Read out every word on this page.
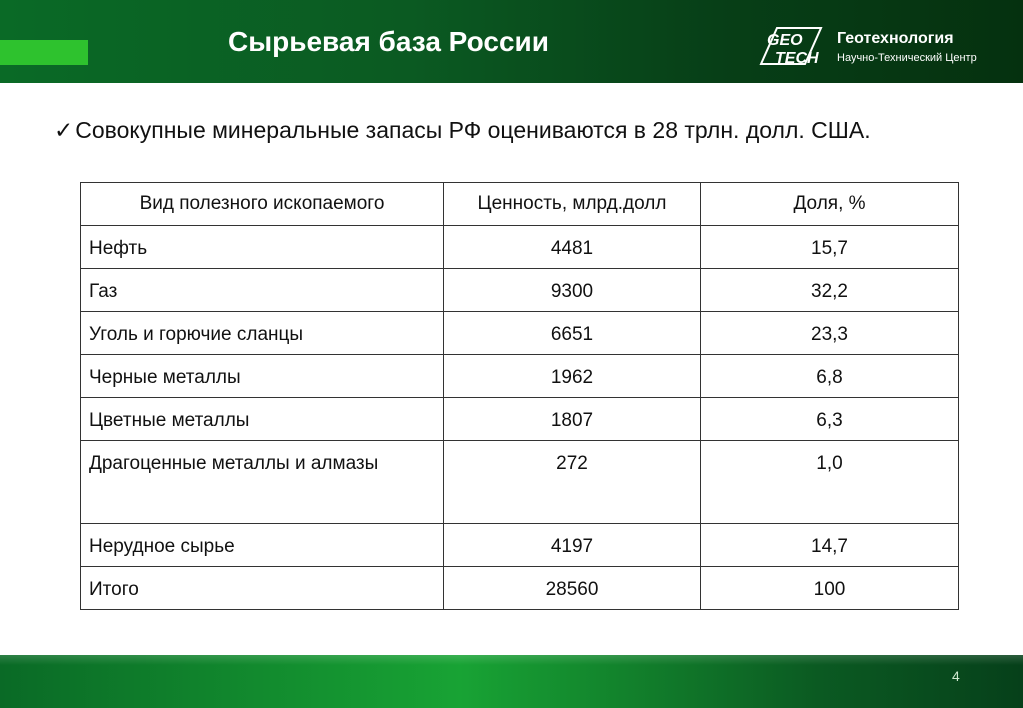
Сырьевая база России	GEO
TECH
Геотехнология
Научно-Технический Центр
✓Совокупные минеральные запасы РФ оцениваются в 28 трлн. долл. США.
Вид полезного ископаемого	Ценность, млрд.долл	Доля, %
Нефть	4481	15,7
Газ	9300	32,2
Уголь и горючие сланцы	6651	23,3
Черные металлы	1962	6,8
Цветные металлы	1807	6,3
Драгоценные металлы и алмазы	272	1,0
Нерудное сырье	4197	14,7
Итого	28560	100
4
